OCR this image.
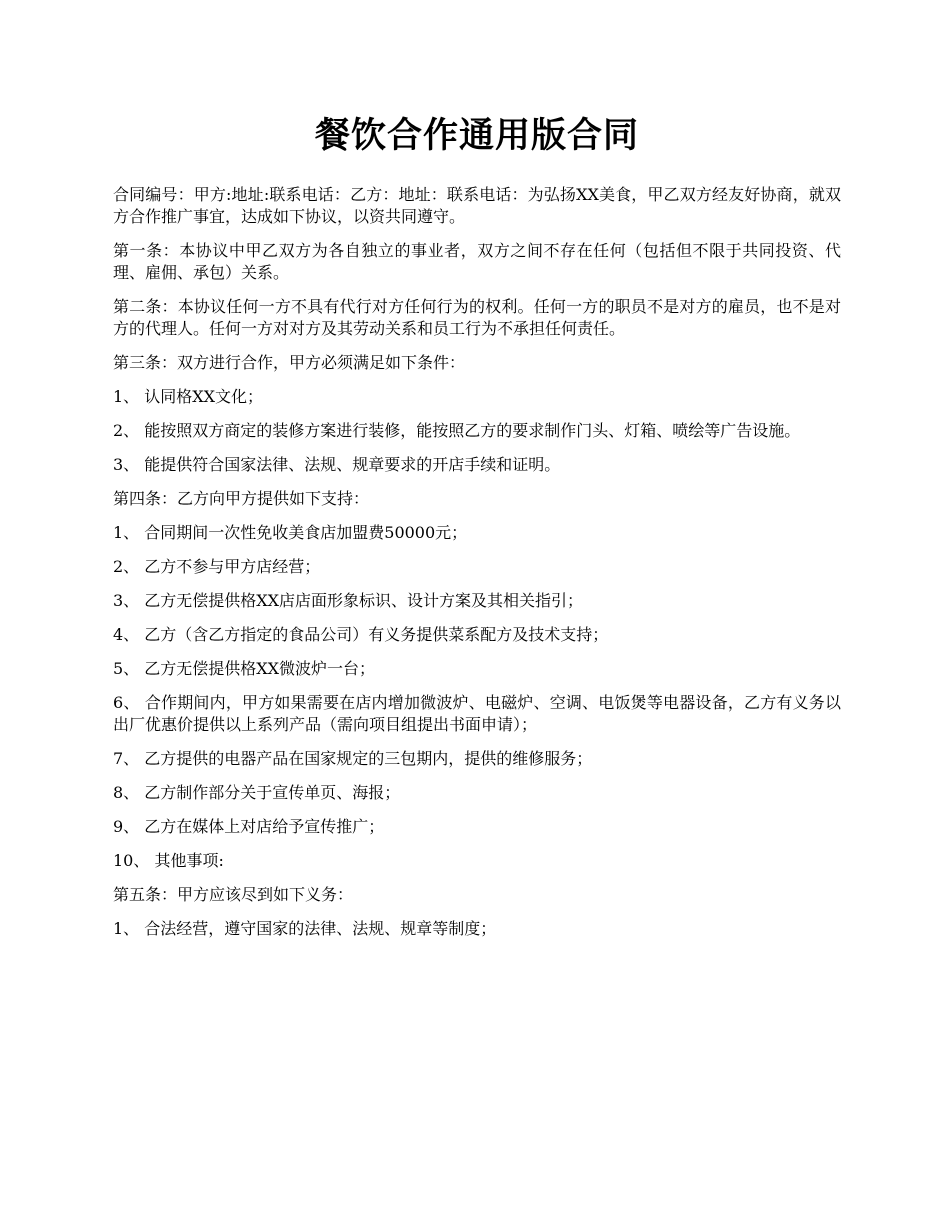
餐饮合作通用版合同

合同编号：甲方:地址:联系电话：乙方：地址：联系电话：为弘扬XX美食，甲乙双方经友好协商，就双方合作推广事宜，达成如下协议，以资共同遵守。

第一条：本协议中甲乙双方为各自独立的事业者，双方之间不存在任何（包括但不限于共同投资、代理、雇佣、承包）关系。

第二条：本协议任何一方不具有代行对方任何行为的权利。任何一方的职员不是对方的雇员，也不是对方的代理人。任何一方对对方及其劳动关系和员工行为不承担任何责任。

第三条：双方进行合作，甲方必须满足如下条件：

1、 认同格XX文化；

2、 能按照双方商定的装修方案进行装修，能按照乙方的要求制作门头、灯箱、喷绘等广告设施。

3、 能提供符合国家法律、法规、规章要求的开店手续和证明。

第四条：乙方向甲方提供如下支持：

1、 合同期间一次性免收美食店加盟费50000元；

2、 乙方不参与甲方店经营；

3、 乙方无偿提供格XX店店面形象标识、设计方案及其相关指引；

4、 乙方（含乙方指定的食品公司）有义务提供菜系配方及技术支持；

5、 乙方无偿提供格XX微波炉一台；

6、 合作期间内，甲方如果需要在店内增加微波炉、电磁炉、空调、电饭煲等电器设备，乙方有义务以出厂优惠价提供以上系列产品（需向项目组提出书面申请）；

7、 乙方提供的电器产品在国家规定的三包期内，提供的维修服务；

8、 乙方制作部分关于宣传单页、海报；

9、 乙方在媒体上对店给予宣传推广；

10、 其他事项:

第五条：甲方应该尽到如下义务：

1、 合法经营，遵守国家的法律、法规、规章等制度；
